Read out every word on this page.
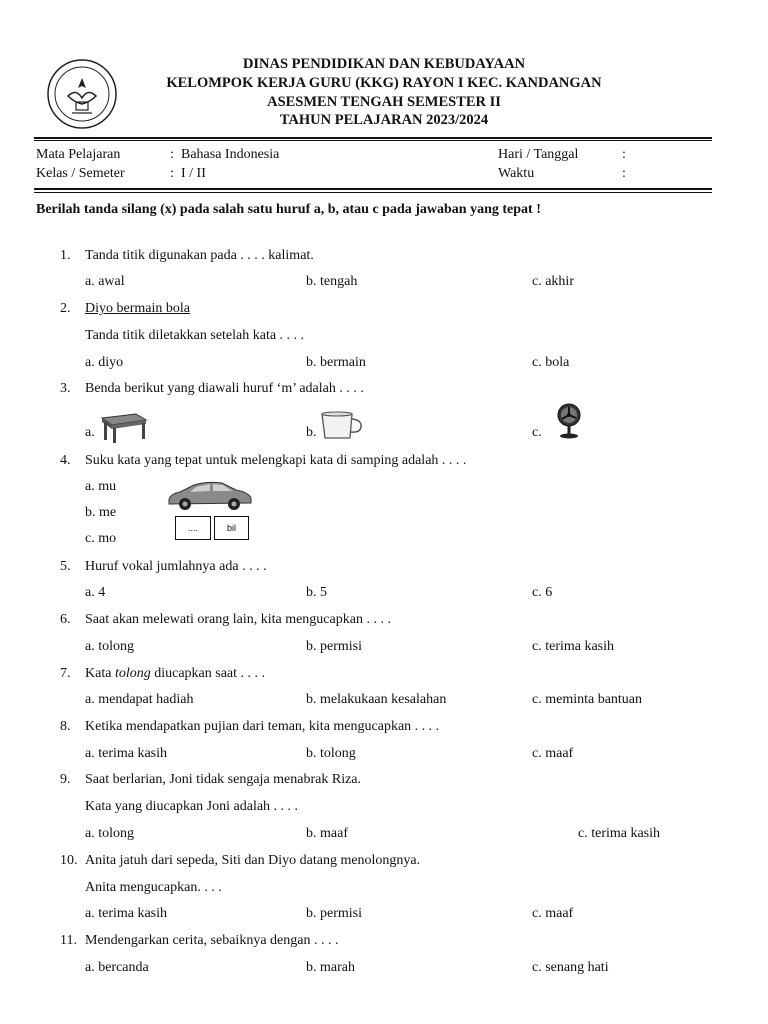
DINAS PENDIDIKAN DAN KEBUDAYAAN
KELOMPOK KERJA GURU (KKG) RAYON I KEC. KANDANGAN
ASESMEN TENGAH SEMESTER II
TAHUN PELAJARAN 2023/2024
Mata Pelajaran	: Bahasa Indonesia	Hari / Tanggal	:
Kelas / Semeter	: I / II	Waktu	:
Berilah tanda silang (x) pada salah satu huruf a, b, atau c pada jawaban yang tepat !
1. Tanda titik digunakan pada . . . . kalimat.
a. awal	b. tengah	c. akhir
2. Diyo bermain bola
Tanda titik diletakkan setelah kata . . . .
a. diyo	b. bermain	c. bola
3. Benda berikut yang diawali huruf ‘m’ adalah . . . .
a.	b.	c.
4. Suku kata yang tepat untuk melengkapi kata di samping adalah . . . .
a. mu
b. me
c. mo
....	bil
5. Huruf vokal jumlahnya ada . . . .
a. 4	b. 5	c. 6
6. Saat akan melewati orang lain, kita mengucapkan . . . .
a. tolong	b. permisi	c. terima kasih
7. Kata tolong diucapkan saat . . . .
a. mendapat hadiah	b. melakukaan kesalahan	c. meminta bantuan
8. Ketika mendapatkan pujian dari teman, kita mengucapkan . . . .
a. terima kasih	b. tolong	c. maaf
9. Saat berlarian, Joni tidak sengaja menabrak Riza.
Kata yang diucapkan Joni adalah . . . .
a. tolong	b. maaf	c. terima kasih
10. Anita jatuh dari sepeda, Siti dan Diyo datang menolongnya.
Anita mengucapkan. . . .
a. terima kasih	b. permisi	c. maaf
11. Mendengarkan cerita, sebaiknya dengan . . . .
a. bercanda	b. marah	c. senang hati
